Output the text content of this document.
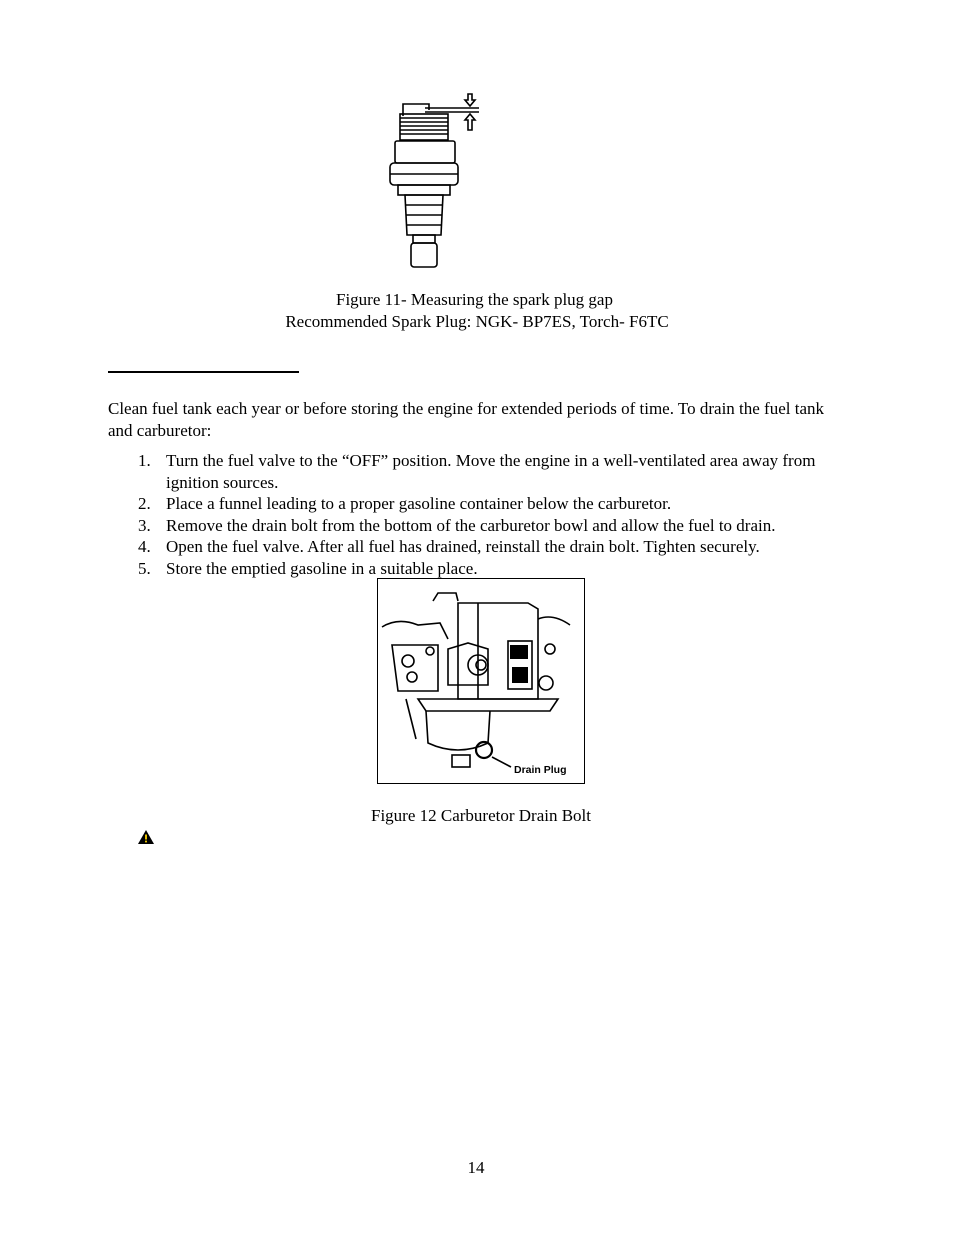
Figure 11- Measuring the spark plug gap
Recommended Spark Plug: NGK- BP7ES, Torch- F6TC
Clean fuel tank each year or before storing the engine for extended periods of time. To drain the fuel tank and carburetor:
1. Turn the fuel valve to the “OFF” position. Move the engine in a well-ventilated area away from ignition sources.
2. Place a funnel leading to a proper gasoline container below the carburetor.
3. Remove the drain bolt from the bottom of the carburetor bowl and allow the fuel to drain.
4. Open the fuel valve. After all fuel has drained, reinstall the drain bolt. Tighten securely.
5. Store the emptied gasoline in a suitable place.
Drain Plug
Figure 12 Carburetor Drain Bolt
14
